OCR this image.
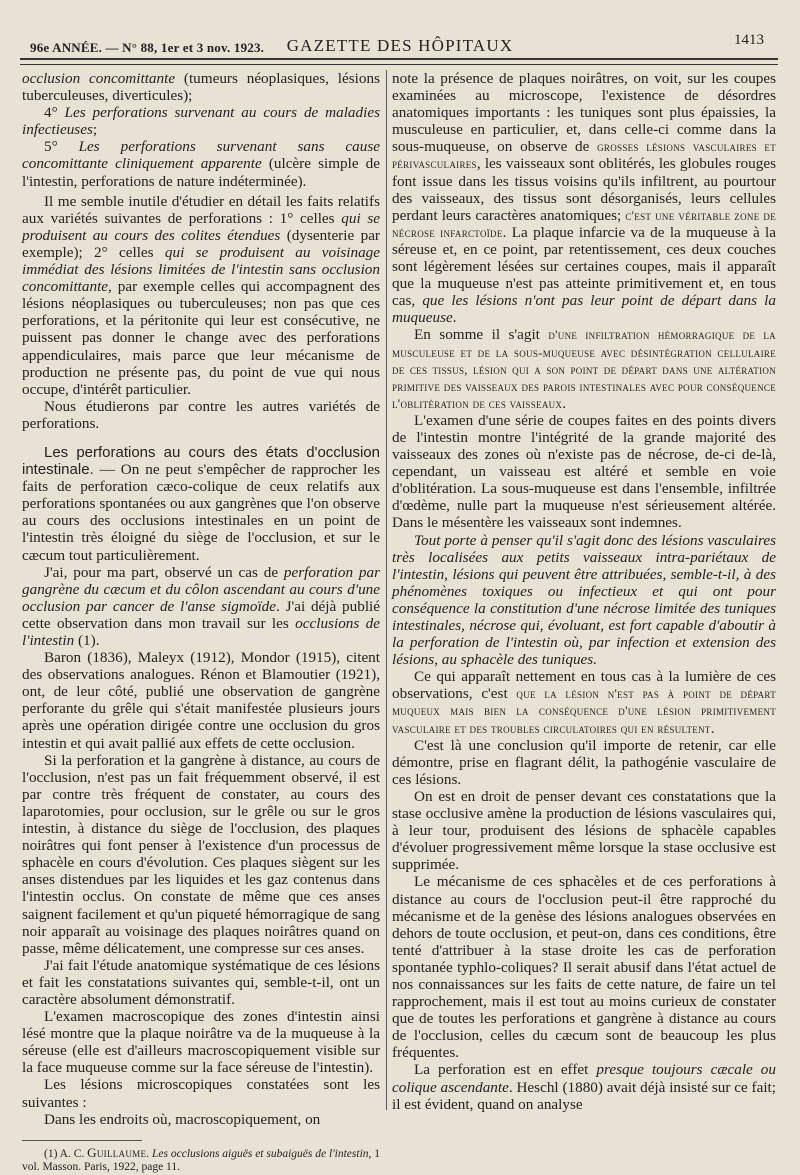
96e ANNÉE. — N° 88, 1er et 3 nov. 1923.	GAZETTE DES HÔPITAUX	1413

occlusion concomittante (tumeurs néoplasiques, lésions tuberculeuses, diverticules);

4° Les perforations survenant au cours de maladies infectieuses;

5° Les perforations survenant sans cause concomittante cliniquement apparente (ulcère simple de l'intestin, perforations de nature indéterminée).

Il me semble inutile d'étudier en détail les faits relatifs aux variétés suivantes de perforations : 1° celles qui se produisent au cours des colites étendues (dysenterie par exemple); 2° celles qui se produisent au voisinage immédiat des lésions limitées de l'intestin sans occlusion concomittante, par exemple celles qui accompagnent des lésions néoplasiques ou tuberculeuses; non pas que ces perforations, et la péritonite qui leur est consécutive, ne puissent pas donner le change avec des perforations appendiculaires, mais parce que leur mécanisme de production ne présente pas, du point de vue qui nous occupe, d'intérêt particulier.

Nous étudierons par contre les autres variétés de perforations.

Les perforations au cours des états d'occlusion intestinale. — On ne peut s'empêcher de rapprocher les faits de perforation cæco-colique de ceux relatifs aux perforations spontanées ou aux gangrènes que l'on observe au cours des occlusions intestinales en un point de l'intestin très éloigné du siège de l'occlusion, et sur le cæcum tout particulièrement.

J'ai, pour ma part, observé un cas de perforation par gangrène du cæcum et du côlon ascendant au cours d'une occlusion par cancer de l'anse sigmoïde. J'ai déjà publié cette observation dans mon travail sur les occlusions de l'intestin (1).

Baron (1836), Maleyx (1912), Mondor (1915), citent des observations analogues. Rénon et Blamoutier (1921), ont, de leur côté, publié une observation de gangrène perforante du grêle qui s'était manifestée plusieurs jours après une opération dirigée contre une occlusion du gros intestin et qui avait pallié aux effets de cette occlusion.

Si la perforation et la gangrène à distance, au cours de l'occlusion, n'est pas un fait fréquemment observé, il est par contre très fréquent de constater, au cours des laparotomies, pour occlusion, sur le grêle ou sur le gros intestin, à distance du siège de l'occlusion, des plaques noirâtres qui font penser à l'existence d'un processus de sphacèle en cours d'évolution. Ces plaques siègent sur les anses distendues par les liquides et les gaz contenus dans l'intestin occlus. On constate de même que ces anses saignent facilement et qu'un piqueté hémorragique de sang noir apparaît au voisinage des plaques noirâtres quand on passe, même délicatement, une compresse sur ces anses.

J'ai fait l'étude anatomique systématique de ces lésions et fait les constatations suivantes qui, semble-t-il, ont un caractère absolument démonstratif.

L'examen macroscopique des zones d'intestin ainsi lésé montre que la plaque noirâtre va de la muqueuse à la séreuse (elle est d'ailleurs macroscopiquement visible sur la face muqueuse comme sur la face séreuse de l'intestin).

Les lésions microscopiques constatées sont les suivantes :

Dans les endroits où, macroscopiquement, on

(1) A. C. Guillaume. Les occlusions aiguës et subaiguës de l'intestin, 1 vol. Masson. Paris, 1922, page 11.

note la présence de plaques noirâtres, on voit, sur les coupes examinées au microscope, l'existence de désordres anatomiques importants : les tuniques sont plus épaissies, la musculeuse en particulier, et, dans celle-ci comme dans la sous-muqueuse, on observe de grosses lésions vasculaires et périvasculaires, les vaisseaux sont oblitérés, les globules rouges font issue dans les tissus voisins qu'ils infiltrent, au pourtour des vaisseaux, des tissus sont désorganisés, leurs cellules perdant leurs caractères anatomiques; c'est une véritable zone de nécrose infarctoïde. La plaque infarcie va de la muqueuse à la séreuse et, en ce point, par retentissement, ces deux couches sont légèrement lésées sur certaines coupes, mais il apparaît que la muqueuse n'est pas atteinte primitivement et, en tous cas, que les lésions n'ont pas leur point de départ dans la muqueuse.

En somme il s'agit d'une infiltration hémorragique de la musculeuse et de la sous-muqueuse avec désintégration cellulaire de ces tissus, lésion qui a son point de départ dans une altération primitive des vaisseaux des parois intestinales avec pour conséquence l'oblitération de ces vaisseaux.

L'examen d'une série de coupes faites en des points divers de l'intestin montre l'intégrité de la grande majorité des vaisseaux des zones où n'existe pas de nécrose, de-ci de-là, cependant, un vaisseau est altéré et semble en voie d'oblitération. La sous-muqueuse est dans l'ensemble, infiltrée d'œdème, nulle part la muqueuse n'est sérieusement altérée. Dans le mésentère les vaisseaux sont indemnes.

Tout porte à penser qu'il s'agit donc des lésions vasculaires très localisées aux petits vaisseaux intra-pariétaux de l'intestin, lésions qui peuvent être attribuées, semble-t-il, à des phénomènes toxiques ou infectieux et qui ont pour conséquence la constitution d'une nécrose limitée des tuniques intestinales, nécrose qui, évoluant, est fort capable d'aboutir à la perforation de l'intestin où, par infection et extension des lésions, au sphacèle des tuniques.

Ce qui apparaît nettement en tous cas à la lumière de ces observations, c'est que la lésion n'est pas à point de départ muqueux mais bien la conséquence d'une lésion primitivement vasculaire et des troubles circulatoires qui en résultent.

C'est là une conclusion qu'il importe de retenir, car elle démontre, prise en flagrant délit, la pathogénie vasculaire de ces lésions.

On est en droit de penser devant ces constatations que la stase occlusive amène la production de lésions vasculaires qui, à leur tour, produisent des lésions de sphacèle capables d'évoluer progressivement même lorsque la stase occlusive est supprimée.

Le mécanisme de ces sphacèles et de ces perforations à distance au cours de l'occlusion peut-il être rapproché du mécanisme et de la genèse des lésions analogues observées en dehors de toute occlusion, et peut-on, dans ces conditions, être tenté d'attribuer à la stase droite les cas de perforation spontanée typhlo-coliques? Il serait abusif dans l'état actuel de nos connaissances sur les faits de cette nature, de faire un tel rapprochement, mais il est tout au moins curieux de constater que de toutes les perforations et gangrène à distance au cours de l'occlusion, celles du cæcum sont de beaucoup les plus fréquentes.

La perforation est en effet presque toujours cæcale ou colique ascendante. Heschl (1880) avait déjà insisté sur ce fait; il est évident, quand on analyse
